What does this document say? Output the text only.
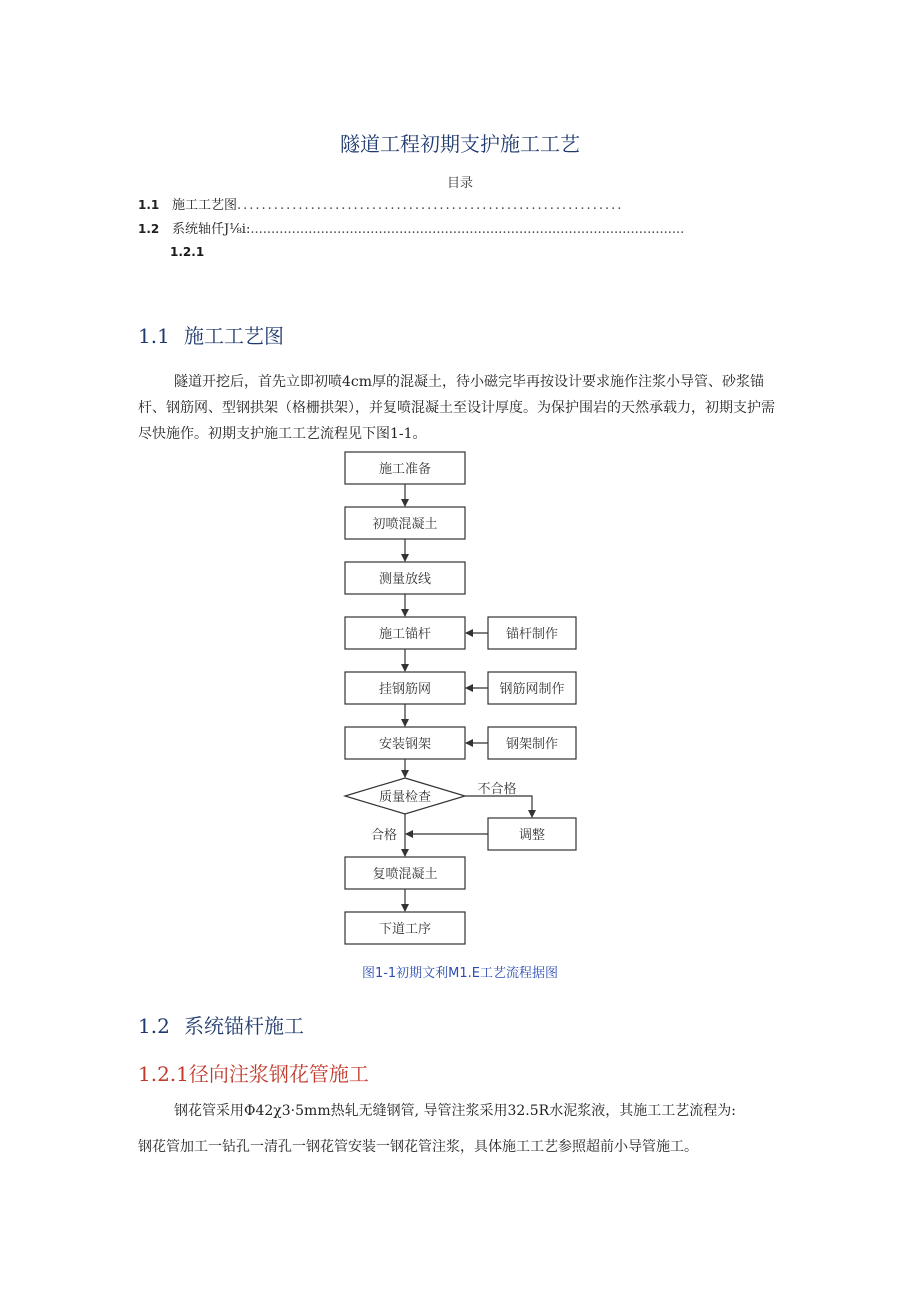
隧道工程初期支护施工工艺
目录
1.1 施工工艺图...............................................................
1.2 系统轴仟J⅛i:.........................................................................................................
1.2.1
1.1 施工工艺图
隧道开挖后，首先立即初喷4cm厚的混凝土，待小磁完毕再按设计要求施作注浆小导管、砂浆锚杆、钢筋网、型钢拱架（格栅拱架），并复喷混凝土至设计厚度。为保护围岩的天然承载力，初期支护需尽快施作。初期支护施工工艺流程见下图1-1。
施工准备
初喷混凝土
测量放线
施工锚杆
挂钢筋网
安装钢架
锚杆制作
钢筋网制作
钢架制作
质量检查
调整
复喷混凝土
下道工序
不合格
合格
图1-1初期文利M1.E工艺流程据图
1.2 系统锚杆施工
1.2.1径向注浆钢花管施工
钢花管采用Φ42χ3·5mm热轧无缝钢管, 导管注浆采用32.5R水泥浆液，其施工工艺流程为:
钢花管加工一钻孔一清孔一钢花管安装一钢花管注浆，具体施工工艺参照超前小导管施工。
